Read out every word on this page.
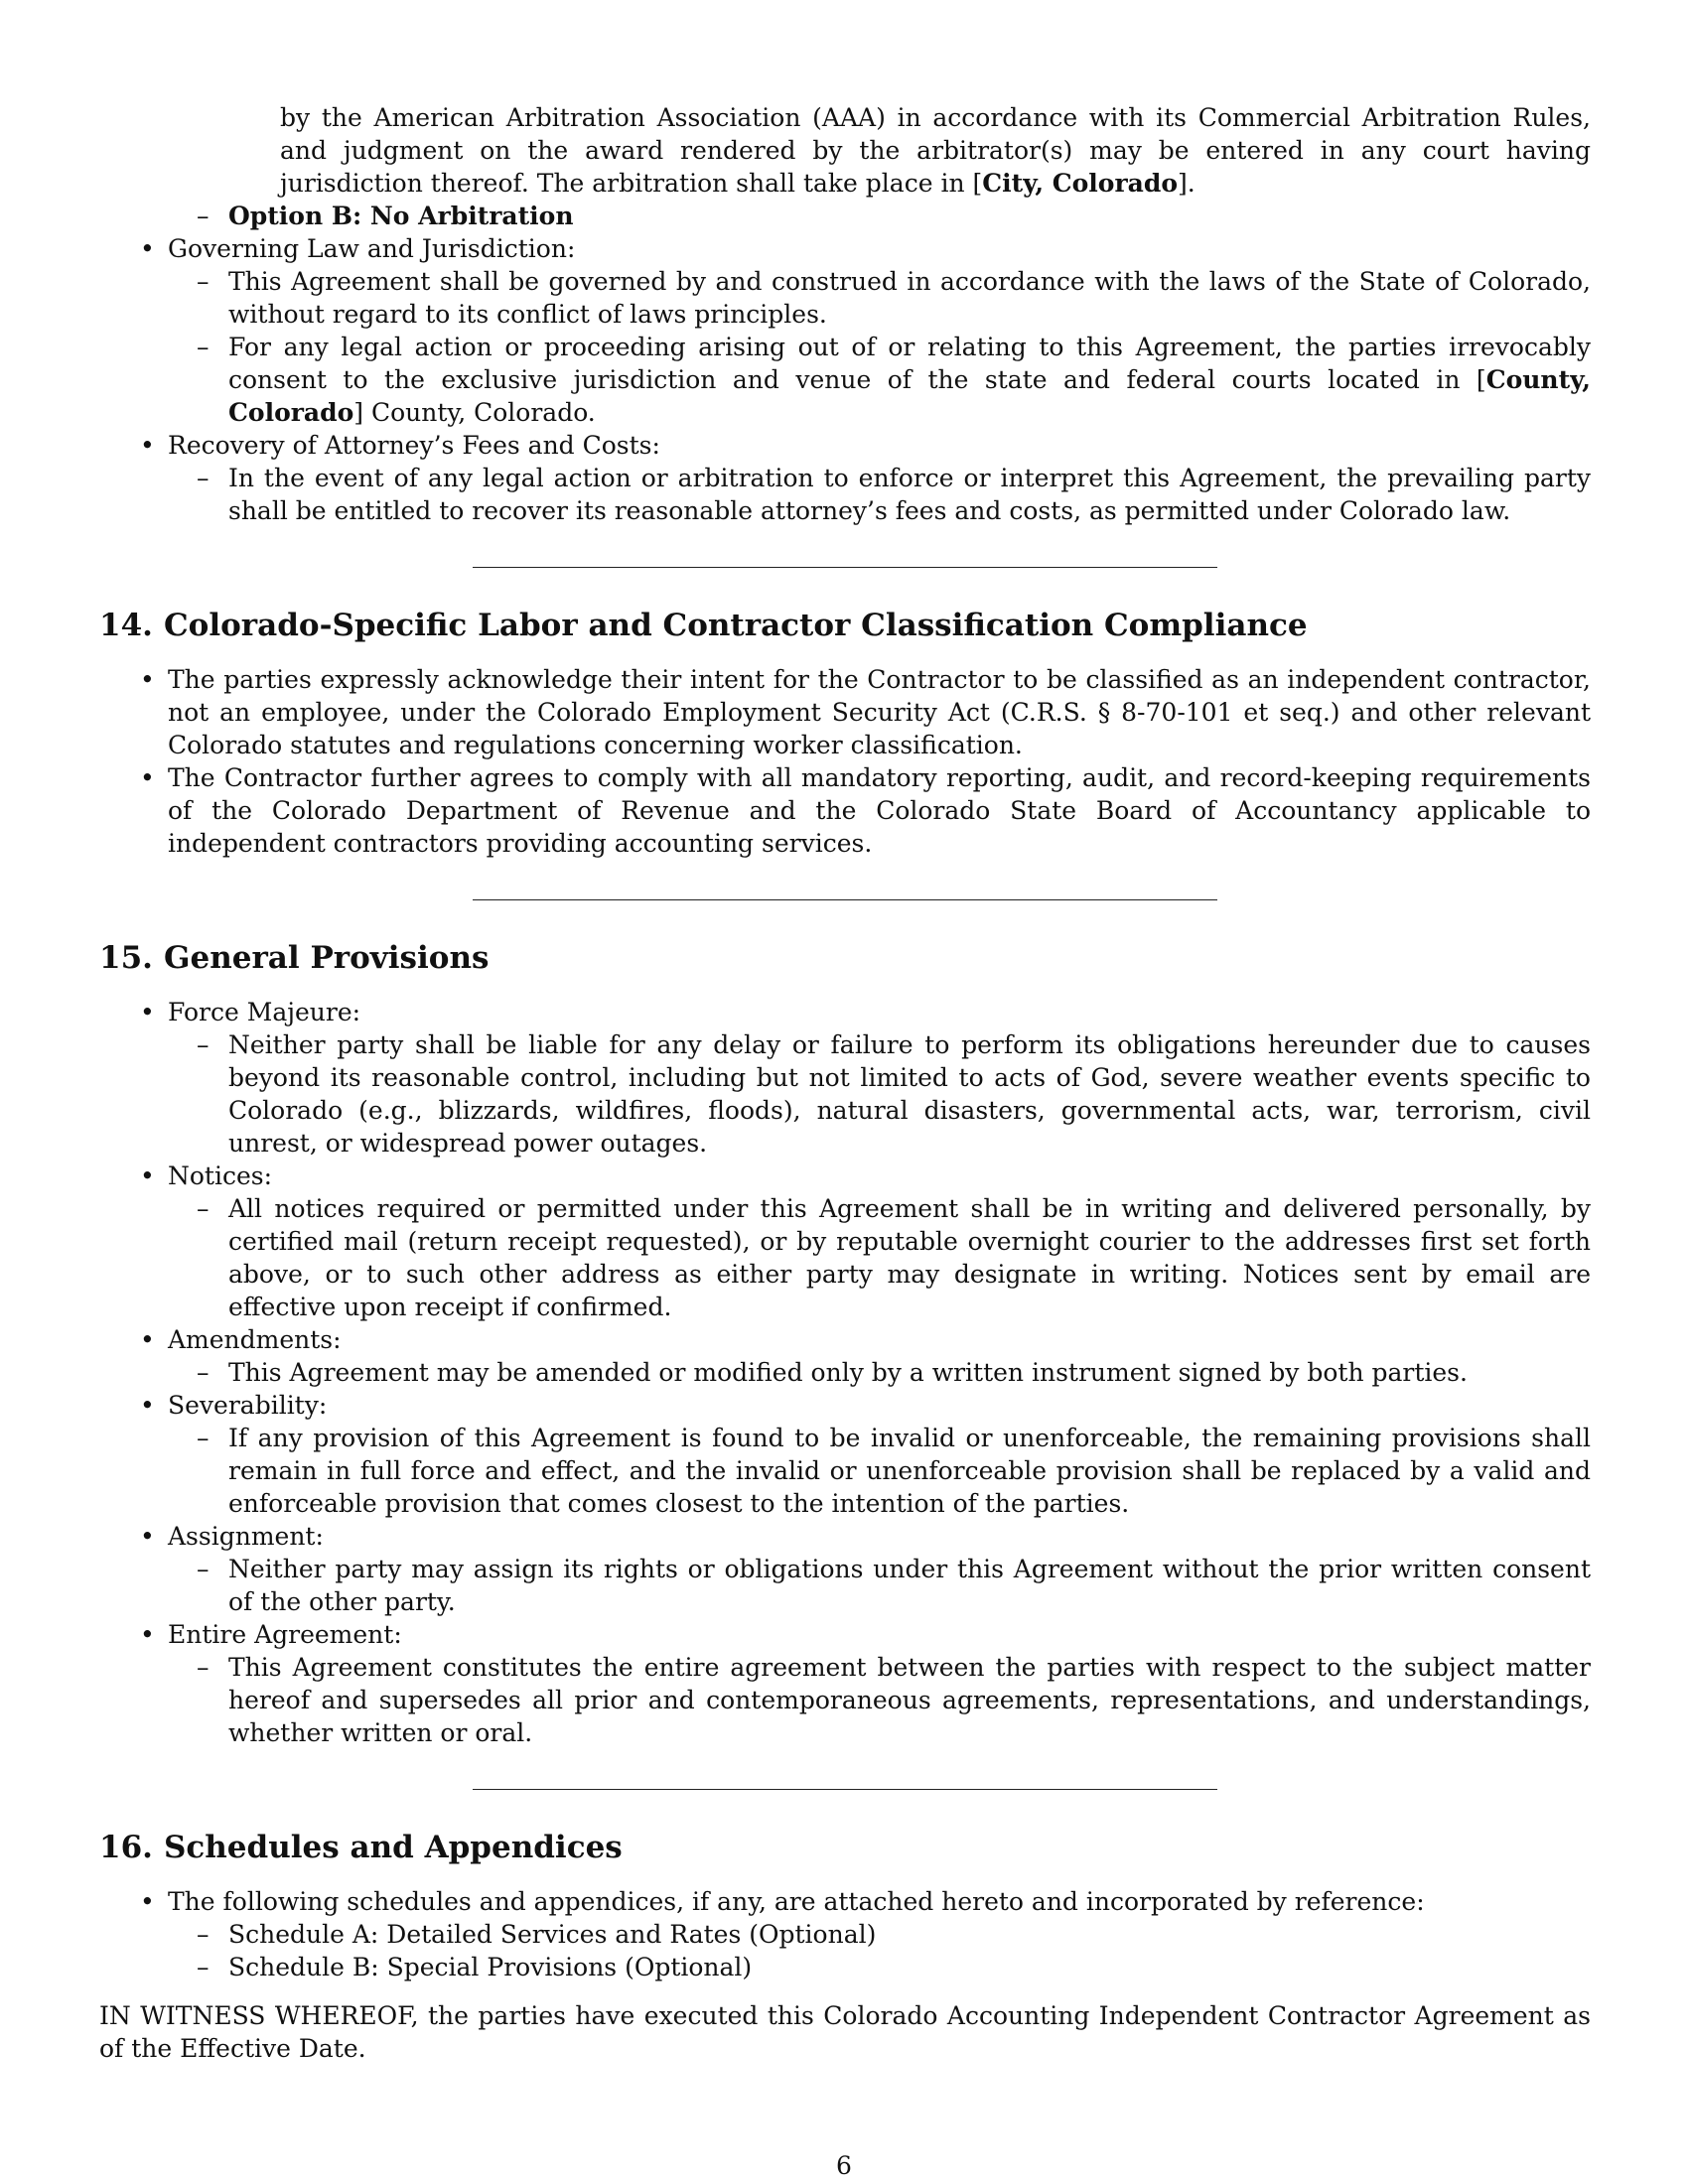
by the American Arbitration Association (AAA) in accordance with its Commercial Arbitration Rules, and judgment on the award rendered by the arbitrator(s) may be entered in any court having jurisdiction thereof. The arbitration shall take place in [City, Colorado].
– Option B: No Arbitration
• Governing Law and Jurisdiction:
– This Agreement shall be governed by and construed in accordance with the laws of the State of Colorado, without regard to its conflict of laws principles.
– For any legal action or proceeding arising out of or relating to this Agreement, the parties irrevocably consent to the exclusive jurisdiction and venue of the state and federal courts located in [County, Colorado] County, Colorado.
• Recovery of Attorney’s Fees and Costs:
– In the event of any legal action or arbitration to enforce or interpret this Agreement, the prevailing party shall be entitled to recover its reasonable attorney’s fees and costs, as permitted under Colorado law.
14. Colorado-Specific Labor and Contractor Classification Compliance
• The parties expressly acknowledge their intent for the Contractor to be classified as an independent contractor, not an employee, under the Colorado Employment Security Act (C.R.S. § 8-70-101 et seq.) and other relevant Colorado statutes and regulations concerning worker classification.
• The Contractor further agrees to comply with all mandatory reporting, audit, and record-keeping requirements of the Colorado Department of Revenue and the Colorado State Board of Accountancy applicable to independent contractors providing accounting services.
15. General Provisions
• Force Majeure:
– Neither party shall be liable for any delay or failure to perform its obligations hereunder due to causes beyond its reasonable control, including but not limited to acts of God, severe weather events specific to Colorado (e.g., blizzards, wildfires, floods), natural disasters, governmental acts, war, terrorism, civil unrest, or widespread power outages.
• Notices:
– All notices required or permitted under this Agreement shall be in writing and delivered personally, by certified mail (return receipt requested), or by reputable overnight courier to the addresses first set forth above, or to such other address as either party may designate in writing. Notices sent by email are effective upon receipt if confirmed.
• Amendments:
– This Agreement may be amended or modified only by a written instrument signed by both parties.
• Severability:
– If any provision of this Agreement is found to be invalid or unenforceable, the remaining provisions shall remain in full force and effect, and the invalid or unenforceable provision shall be replaced by a valid and enforceable provision that comes closest to the intention of the parties.
• Assignment:
– Neither party may assign its rights or obligations under this Agreement without the prior written consent of the other party.
• Entire Agreement:
– This Agreement constitutes the entire agreement between the parties with respect to the subject matter hereof and supersedes all prior and contemporaneous agreements, representations, and understandings, whether written or oral.
16. Schedules and Appendices
• The following schedules and appendices, if any, are attached hereto and incorporated by reference:
– Schedule A: Detailed Services and Rates (Optional)
– Schedule B: Special Provisions (Optional)

IN WITNESS WHEREOF, the parties have executed this Colorado Accounting Independent Contractor Agreement as of the Effective Date.

6
